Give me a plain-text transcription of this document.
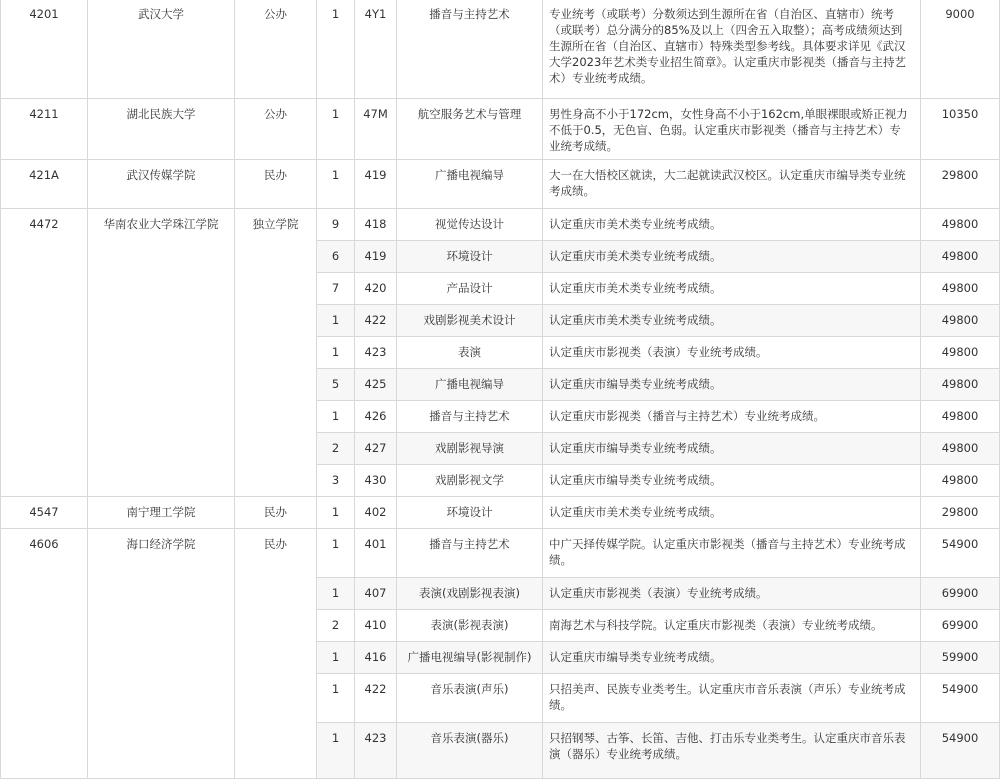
4201	武汉大学	公办	1	4Y1	播音与主持艺术	专业统考（或联考）分数须达到生源所在省（自治区、直辖市）统考（或联考）总分满分的85%及以上（四舍五入取整）；高考成绩须达到生源所在省（自治区、直辖市）特殊类型参考线。具体要求详见《武汉大学2023年艺术类专业招生简章》。认定重庆市影视类（播音与主持艺术）专业统考成绩。	9000
4211	湖北民族大学	公办	1	47M	航空服务艺术与管理	男性身高不小于172cm，女性身高不小于162cm,单眼裸眼或矫正视力不低于0.5，无色盲、色弱。认定重庆市影视类（播音与主持艺术）专业统考成绩。	10350
421A	武汉传媒学院	民办	1	419	广播电视编导	大一在大悟校区就读，大二起就读武汉校区。认定重庆市编导类专业统考成绩。	29800
4472	华南农业大学珠江学院	独立学院	9	418	视觉传达设计	认定重庆市美术类专业统考成绩。	49800
			6	419	环境设计	认定重庆市美术类专业统考成绩。	49800
			7	420	产品设计	认定重庆市美术类专业统考成绩。	49800
			1	422	戏剧影视美术设计	认定重庆市美术类专业统考成绩。	49800
			1	423	表演	认定重庆市影视类（表演）专业统考成绩。	49800
			5	425	广播电视编导	认定重庆市编导类专业统考成绩。	49800
			1	426	播音与主持艺术	认定重庆市影视类（播音与主持艺术）专业统考成绩。	49800
			2	427	戏剧影视导演	认定重庆市编导类专业统考成绩。	49800
			3	430	戏剧影视文学	认定重庆市编导类专业统考成绩。	49800
4547	南宁理工学院	民办	1	402	环境设计	认定重庆市美术类专业统考成绩。	29800
4606	海口经济学院	民办	1	401	播音与主持艺术	中广天择传媒学院。认定重庆市影视类（播音与主持艺术）专业统考成绩。	54900
			1	407	表演(戏剧影视表演)	认定重庆市影视类（表演）专业统考成绩。	69900
			2	410	表演(影视表演)	南海艺术与科技学院。认定重庆市影视类（表演）专业统考成绩。	69900
			1	416	广播电视编导(影视制作)	认定重庆市编导类专业统考成绩。	59900
			1	422	音乐表演(声乐)	只招美声、民族专业类考生。认定重庆市音乐表演（声乐）专业统考成绩。	54900
			1	423	音乐表演(器乐)	只招钢琴、古筝、长笛、吉他、打击乐专业类考生。认定重庆市音乐表演（器乐）专业统考成绩。	54900
